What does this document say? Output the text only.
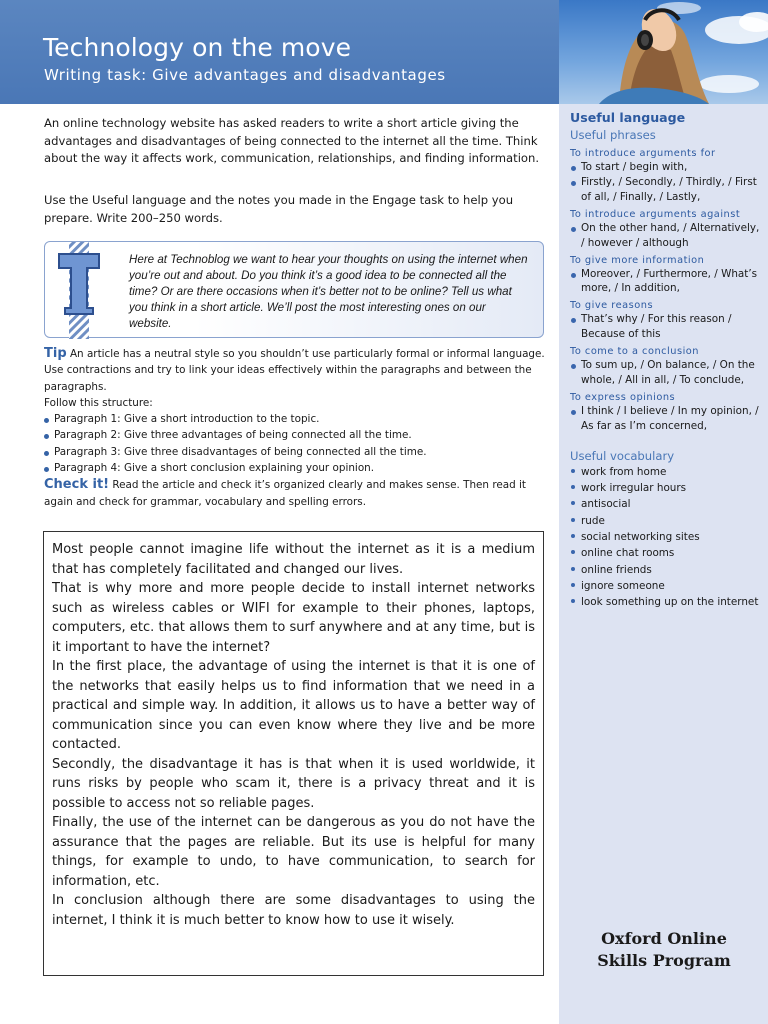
Technology on the move
Writing task: Give advantages and disadvantages

An online technology website has asked readers to write a short article giving the advantages and disadvantages of being connected to the internet all the time. Think about the way it affects work, communication, relationships, and finding information.

Use the Useful language and the notes you made in the Engage task to help you prepare. Write 200–250 words.

T

Here at Technoblog we want to hear your thoughts on using the internet when you’re out and about. Do you think it’s a good idea to be connected all the time? Or are there occasions when it’s better not to be online? Tell us what you think in a short article. We’ll post the most interesting ones on our website.

Tip An article has a neutral style so you shouldn’t use particularly formal or informal language. Use contractions and try to link your ideas effectively within the paragraphs and between the paragraphs.

Follow this structure:

Paragraph 1: Give a short introduction to the topic.
Paragraph 2: Give three advantages of being connected all the time.
Paragraph 3: Give three disadvantages of being connected all the time.
Paragraph 4: Give a short conclusion explaining your opinion.

Check it! Read the article and check it’s organized clearly and makes sense. Then read it again and check for grammar, vocabulary and spelling errors.

Most people cannot imagine life without the internet as it is a medium that has completely facilitated and changed our lives.

That is why more and more people decide to install internet networks such as wireless cables or WIFI for example to their phones, laptops, computers, etc. that allows them to surf anywhere and at any time, but is it important to have the internet?

In the first place, the advantage of using the internet is that it is one of the networks that easily helps us to find information that we need in a practical and simple way. In addition, it allows us to have a better way of communication since you can even know where they live and be more contacted.

Secondly, the disadvantage it has is that when it is used worldwide, it runs risks by people who scam it, there is a privacy threat and it is possible to access not so reliable pages.

Finally, the use of the internet can be dangerous as you do not have the assurance that the pages are reliable. But its use is helpful for many things, for example to undo, to have communication, to search for information, etc.

In conclusion although there are some disadvantages to using the internet, I think it is much better to know how to use it wisely.

Useful language
Useful phrases
To introduce arguments for
To start / begin with,
Firstly, / Secondly, / Thirdly, / First of all, / Finally, / Lastly,
To introduce arguments against
On the other hand, / Alternatively, / however / although
To give more information
Moreover, / Furthermore, / What’s more, / In addition,
To give reasons
That’s why / For this reason / Because of this
To come to a conclusion
To sum up, / On balance, / On the whole, / All in all, / To conclude,
To express opinions
I think / I believe / In my opinion, / As far as I’m concerned,
Useful vocabulary
work from home
work irregular hours
antisocial
rude
social networking sites
online chat rooms
online friends
ignore someone
look something up on the internet
Oxford Online
Skills Program
